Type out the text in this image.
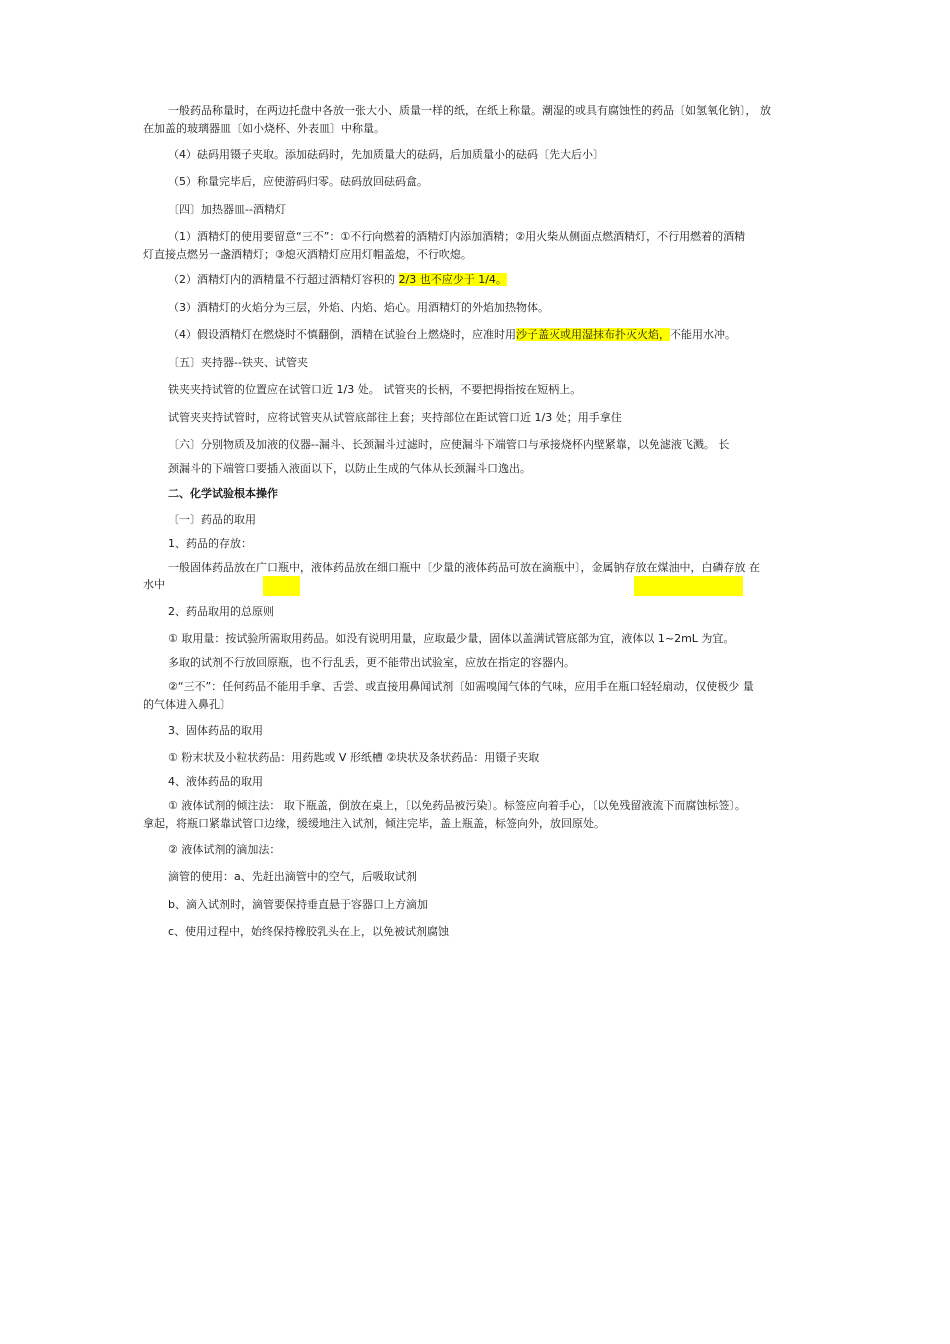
一般药品称量时，在两边托盘中各放一张大小、质量一样的纸，在纸上称量。潮湿的或具有腐蚀性的药品〔如氢氧化钠〕， 放
在加盖的玻璃器皿〔如小烧杯、外表皿〕中称量。
（4）砝码用镊子夹取。添加砝码时，先加质量大的砝码，后加质量小的砝码〔先大后小〕
（5）称量完毕后，应使游码归零。砝码放回砝码盒。
〔四〕加热器皿--酒精灯
（1）酒精灯的使用要留意“三不”：①不行向燃着的酒精灯内添加酒精；②用火柴从侧面点燃酒精灯，不行用燃着的酒精
灯直接点燃另一盏酒精灯；③熄灭酒精灯应用灯帽盖熄，不行吹熄。
（2）酒精灯内的酒精量不行超过酒精灯容积的 2/3 也不应少于 1/4。
（3）酒精灯的火焰分为三层，外焰、内焰、焰心。用酒精灯的外焰加热物体。
（4）假设酒精灯在燃烧时不慎翻倒，酒精在试验台上燃烧时，应准时用沙子盖灭或用湿抹布扑灭火焰，不能用水冲。
〔五〕夹持器--铁夹、试管夹
铁夹夹持试管的位置应在试管口近 1/3 处。 试管夹的长柄，不要把拇指按在短柄上。
试管夹夹持试管时，应将试管夹从试管底部往上套；夹持部位在距试管口近 1/3 处；用手拿住
〔六〕分别物质及加液的仪器--漏斗、长颈漏斗过滤时，应使漏斗下端管口与承接烧杯内壁紧靠，以免滤液飞溅。 长
颈漏斗的下端管口要插入液面以下，以防止生成的气体从长颈漏斗口逸出。
二、化学试验根本操作
〔一〕药品的取用
1、药品的存放：
一般固体药品放在广口瓶中，液体药品放在细口瓶中〔少量的液体药品可放在滴瓶中〕，金属钠存放在煤油中，白磷存放 在
水中
2、药品取用的总原则
① 取用量：按试验所需取用药品。如没有说明用量，应取最少量，固体以盖满试管底部为宜，液体以 1~2mL 为宜。
多取的试剂不行放回原瓶，也不行乱丢，更不能带出试验室，应放在指定的容器内。
②“三不”：任何药品不能用手拿、舌尝、或直接用鼻闻试剂〔如需嗅闻气体的气味，应用手在瓶口轻轻扇动，仅使极少 量
的气体进入鼻孔〕
3、固体药品的取用
① 粉末状及小粒状药品：用药匙或 V 形纸槽 ②块状及条状药品：用镊子夹取
4、液体药品的取用
① 液体试剂的倾注法： 取下瓶盖，倒放在桌上，〔以免药品被污染〕。标签应向着手心，〔以免残留液流下而腐蚀标签〕。
拿起，将瓶口紧靠试管口边缘，缓缓地注入试剂，倾注完毕，盖上瓶盖，标签向外，放回原处。
② 液体试剂的滴加法：
滴管的使用：a、先赶出滴管中的空气，后吸取试剂
b、滴入试剂时，滴管要保持垂直悬于容器口上方滴加
c、使用过程中，始终保持橡胶乳头在上，以免被试剂腐蚀
